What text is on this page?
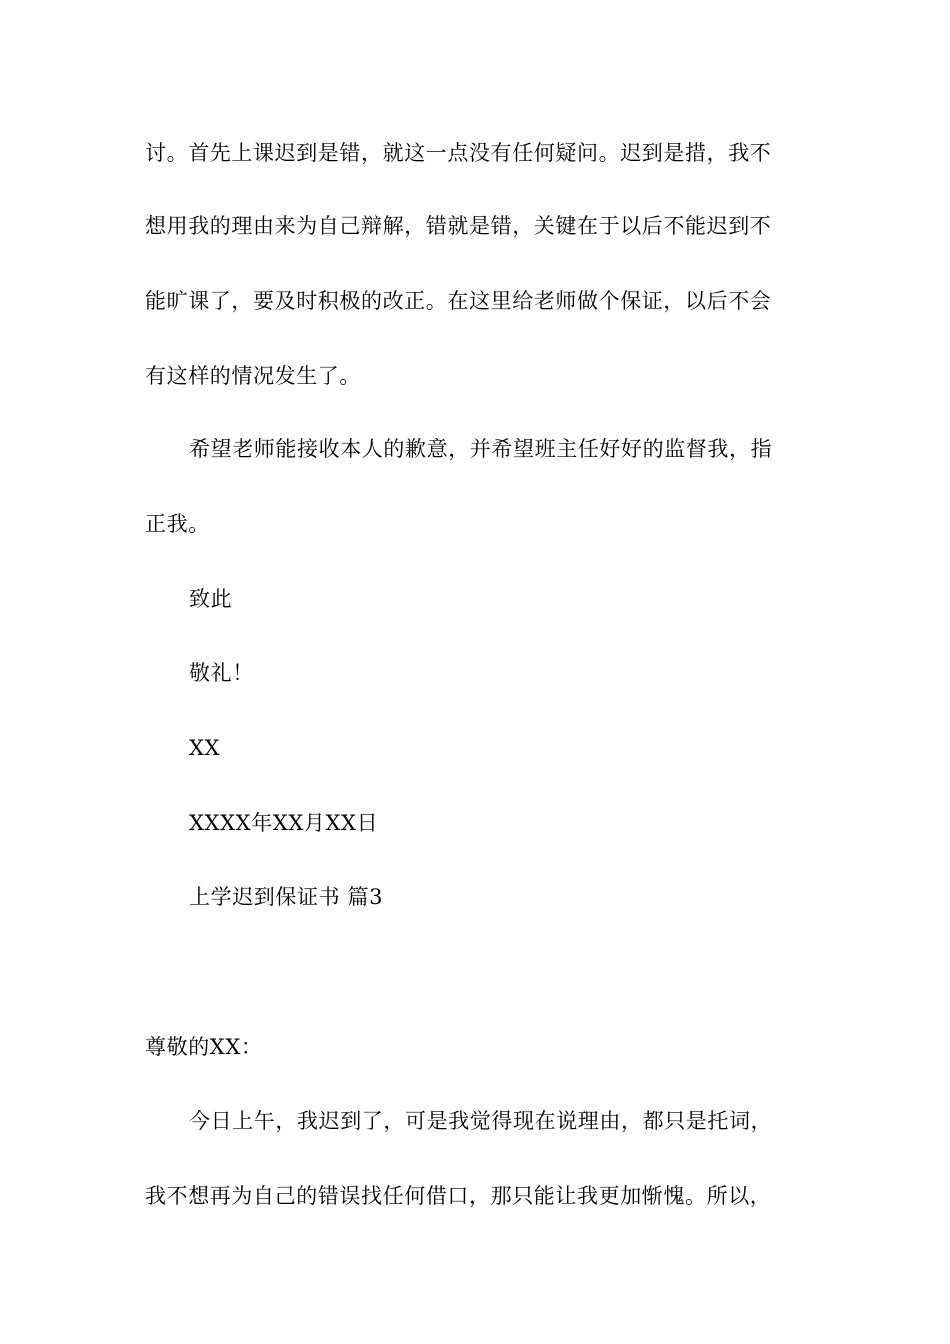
讨。首先上课迟到是错，就这一点没有任何疑问。迟到是措，我不
想用我的理由来为自己辩解，错就是错，关键在于以后不能迟到不
能旷课了，要及时积极的改正。在这里给老师做个保证，以后不会
有这样的情况发生了。
希望老师能接收本人的歉意，并希望班主任好好的监督我，指
正我。
致此
敬礼！
XX
XXXX年XX月XX日
上学迟到保证书 篇3
尊敬的XX：
今日上午，我迟到了，可是我觉得现在说理由，都只是托词，
我不想再为自己的错误找任何借口，那只能让我更加惭愧。所以，
